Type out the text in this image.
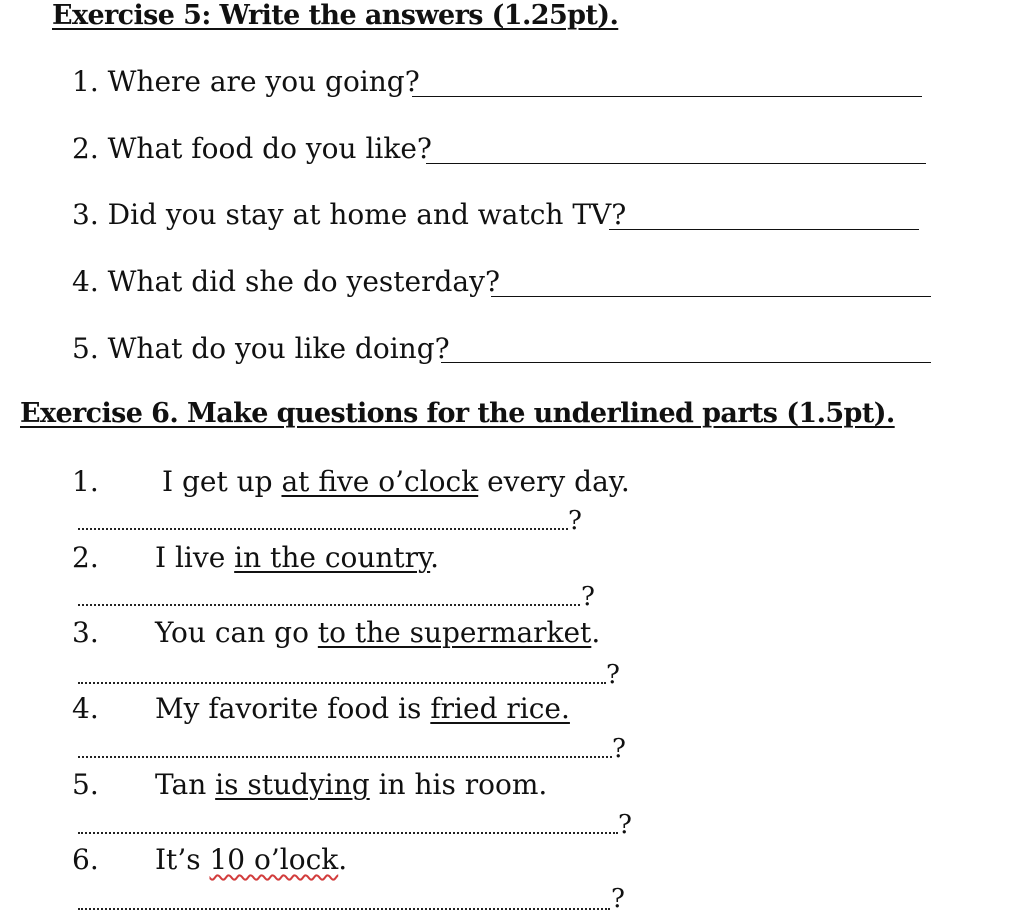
Exercise 5: Write the answers (1.25pt).
1. Where are you going?
2. What food do you like?
3. Did you stay at home and watch TV?
4. What did she do yesterday?
5. What do you like doing?
Exercise 6. Make questions for the underlined parts (1.5pt).
1. I get up at five o’clock every day.
?
2. I live in the country.
?
3. You can go to the supermarket.
?
4. My favorite food is fried rice.
?
5. Tan is studying in his room.
?
6. It’s 10 o’lock.
?
